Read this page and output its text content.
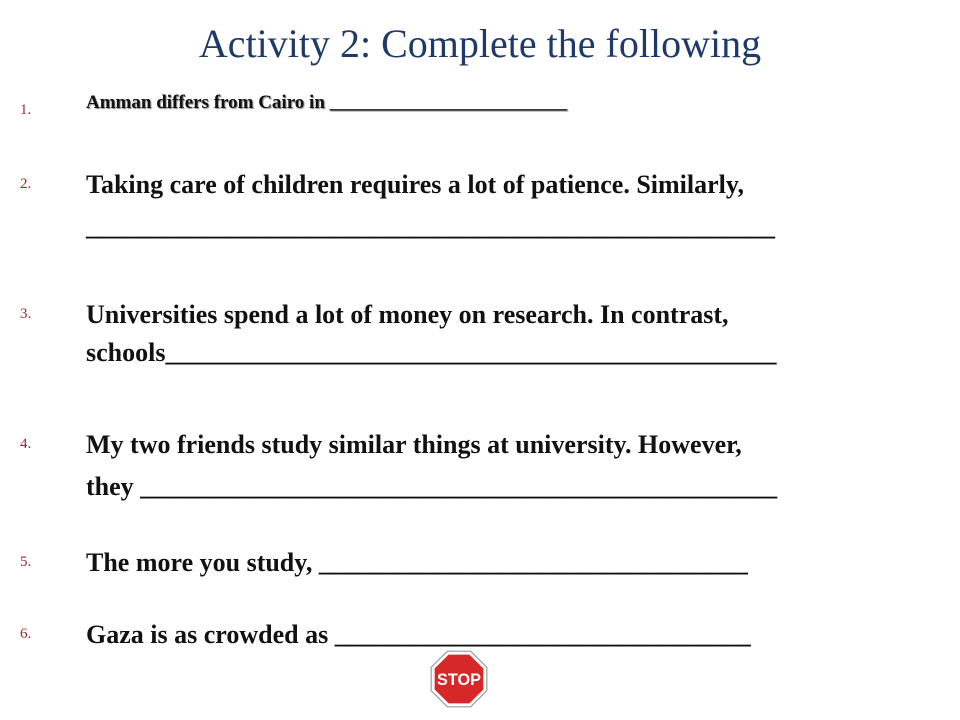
Activity 2: Complete the following
1.	Amman differs from Cairo in _________________________
2. Taking care of children requires a lot of patience. Similarly,
_____________________________________________________
3. Universities spend a lot of money on research. In contrast,
schools_______________________________________________
4. My two friends study similar things at university. However,
they _________________________________________________
5. The more you study, _________________________________
6. Gaza is as crowded as ________________________________
STOP
